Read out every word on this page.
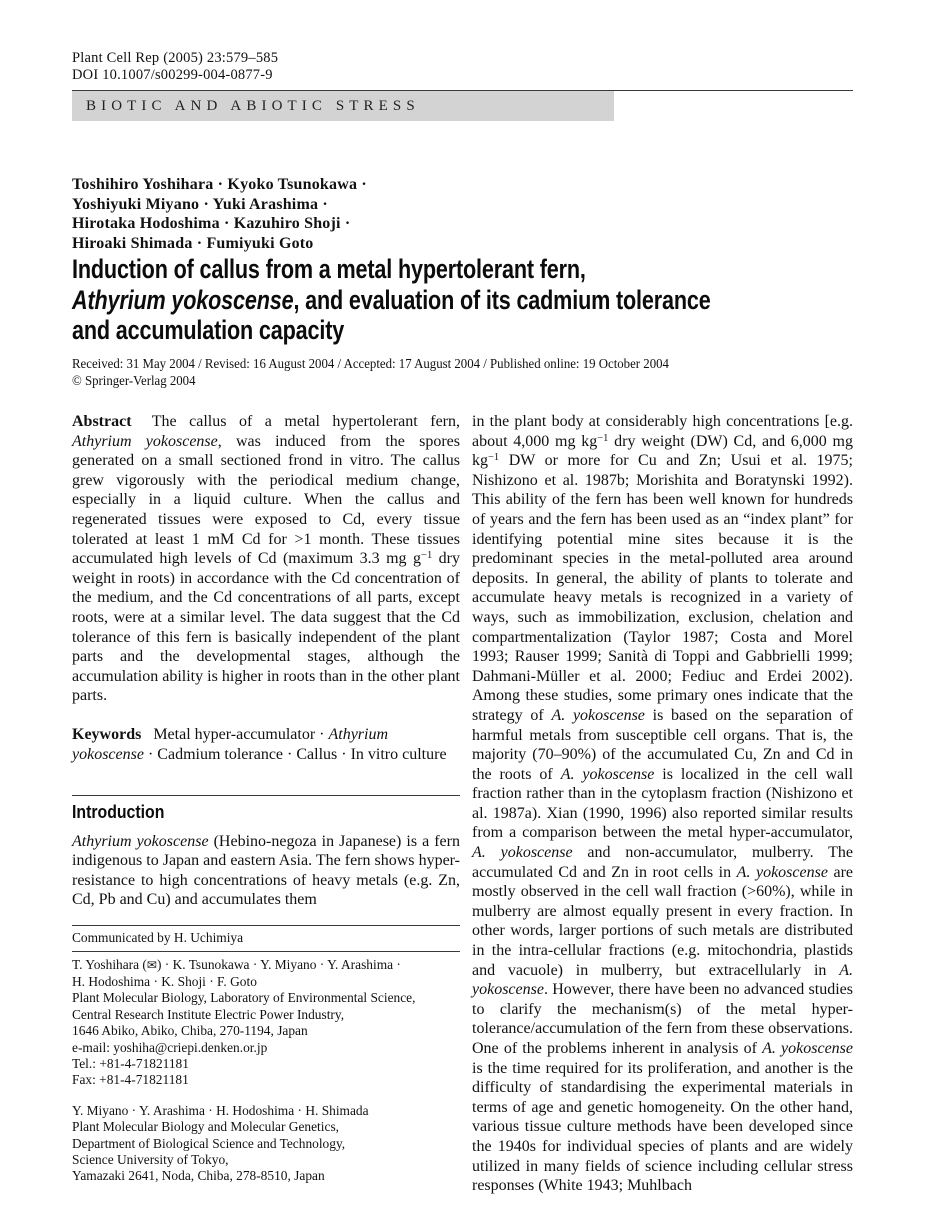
Plant Cell Rep (2005) 23:579–585
DOI 10.1007/s00299-004-0877-9
BIOTIC AND ABIOTIC STRESS
Toshihiro Yoshihara · Kyoko Tsunokawa ·
Yoshiyuki Miyano · Yuki Arashima ·
Hirotaka Hodoshima · Kazuhiro Shoji ·
Hiroaki Shimada · Fumiyuki Goto
Induction of callus from a metal hypertolerant fern,
Athyrium yokoscense, and evaluation of its cadmium tolerance
and accumulation capacity
Received: 31 May 2004 / Revised: 16 August 2004 / Accepted: 17 August 2004 / Published online: 19 October 2004
© Springer-Verlag 2004
Abstract  The callus of a metal hypertolerant fern, Athyrium yokoscense, was induced from the spores generated on a small sectioned frond in vitro. The callus grew vigorously with the periodical medium change, especially in a liquid culture. When the callus and regenerated tissues were exposed to Cd, every tissue tolerated at least 1 mM Cd for >1 month. These tissues accumulated high levels of Cd (maximum 3.3 mg $g^{-1}$ dry weight in roots) in accordance with the Cd concentration of the medium, and the Cd concentrations of all parts, except roots, were at a similar level. The data suggest that the Cd tolerance of this fern is basically independent of the plant parts and the developmental stages, although the accumulation ability is higher in roots than in the other plant parts.
Keywords  Metal hyper-accumulator · Athyrium yokoscense · Cadmium tolerance · Callus · In vitro culture
Introduction
Athyrium yokoscense (Hebino-negoza in Japanese) is a fern indigenous to Japan and eastern Asia. The fern shows hyper-resistance to high concentrations of heavy metals (e.g. Zn, Cd, Pb and Cu) and accumulates them
Communicated by H. Uchimiya
T. Yoshihara (✉) · K. Tsunokawa · Y. Miyano · Y. Arashima ·
H. Hodoshima · K. Shoji · F. Goto
Plant Molecular Biology, Laboratory of Environmental Science,
Central Research Institute Electric Power Industry,
1646 Abiko, Abiko, Chiba, 270-1194, Japan
e-mail: yoshiha@criepi.denken.or.jp
Tel.: +81-4-71821181
Fax: +81-4-71821181
Y. Miyano · Y. Arashima · H. Hodoshima · H. Shimada
Plant Molecular Biology and Molecular Genetics,
Department of Biological Science and Technology,
Science University of Tokyo,
Yamazaki 2641, Noda, Chiba, 278-8510, Japan
in the plant body at considerably high concentrations [e.g. about 4,000 mg $kg^{-1}$ dry weight (DW) Cd, and 6,000 mg $kg^{-1}$ DW or more for Cu and Zn; Usui et al. 1975; Nishizono et al. 1987b; Morishita and Boratynski 1992). This ability of the fern has been well known for hundreds of years and the fern has been used as an “index plant” for identifying potential mine sites because it is the predominant species in the metal-polluted area around deposits. In general, the ability of plants to tolerate and accumulate heavy metals is recognized in a variety of ways, such as immobilization, exclusion, chelation and compartmentalization (Taylor 1987; Costa and Morel 1993; Rauser 1999; Sanità di Toppi and Gabbrielli 1999; Dahmani-Müller et al. 2000; Fediuc and Erdei 2002). Among these studies, some primary ones indicate that the strategy of A. yokoscense is based on the separation of harmful metals from susceptible cell organs. That is, the majority (70–90%) of the accumulated Cu, Zn and Cd in the roots of A. yokoscense is localized in the cell wall fraction rather than in the cytoplasm fraction (Nishizono et al. 1987a). Xian (1990, 1996) also reported similar results from a comparison between the metal hyper-accumulator, A. yokoscense and non-accumulator, mulberry. The accumulated Cd and Zn in root cells in A. yokoscense are mostly observed in the cell wall fraction (>60%), while in mulberry are almost equally present in every fraction. In other words, larger portions of such metals are distributed in the intra-cellular fractions (e.g. mitochondria, plastids and vacuole) in mulberry, but extracellularly in A. yokoscense. However, there have been no advanced studies to clarify the mechanism(s) of the metal hyper-tolerance/accumulation of the fern from these observations. One of the problems inherent in analysis of A. yokoscense is the time required for its proliferation, and another is the difficulty of standardising the experimental materials in terms of age and genetic homogeneity. On the other hand, various tissue culture methods have been developed since the 1940s for individual species of plants and are widely utilized in many fields of science including cellular stress responses (White 1943; Muhlbach
